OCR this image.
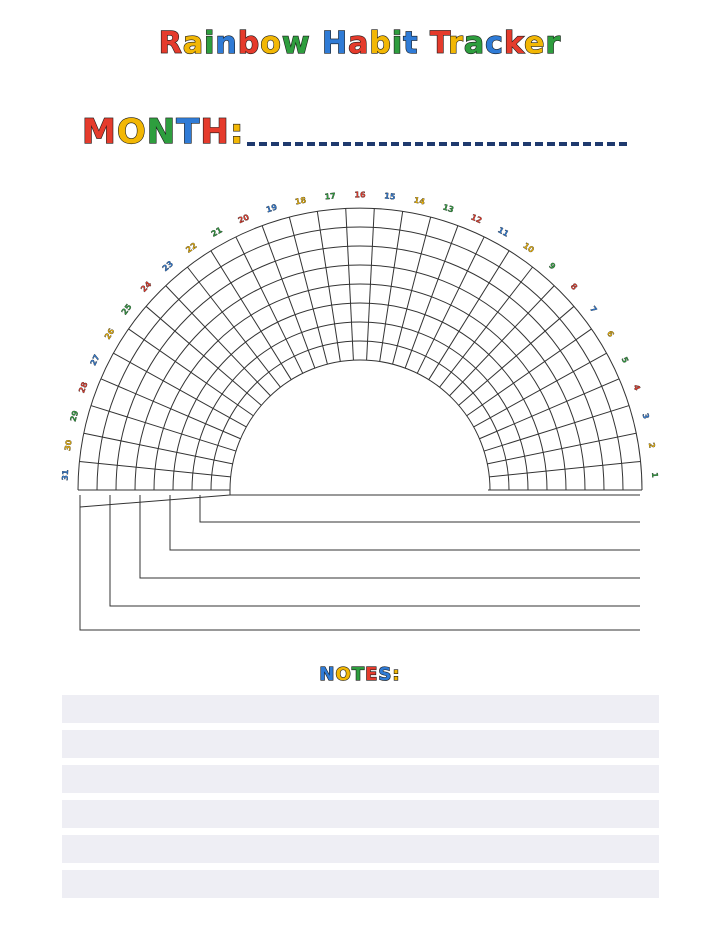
Rainbow Habit Tracker
MONTH:
1
2
3
4
5
6
7
8
9
10
11
12
13
14
15
16
17
18
19
20
21
22
23
24
25
26
27
28
29
30
31
NOTES:
